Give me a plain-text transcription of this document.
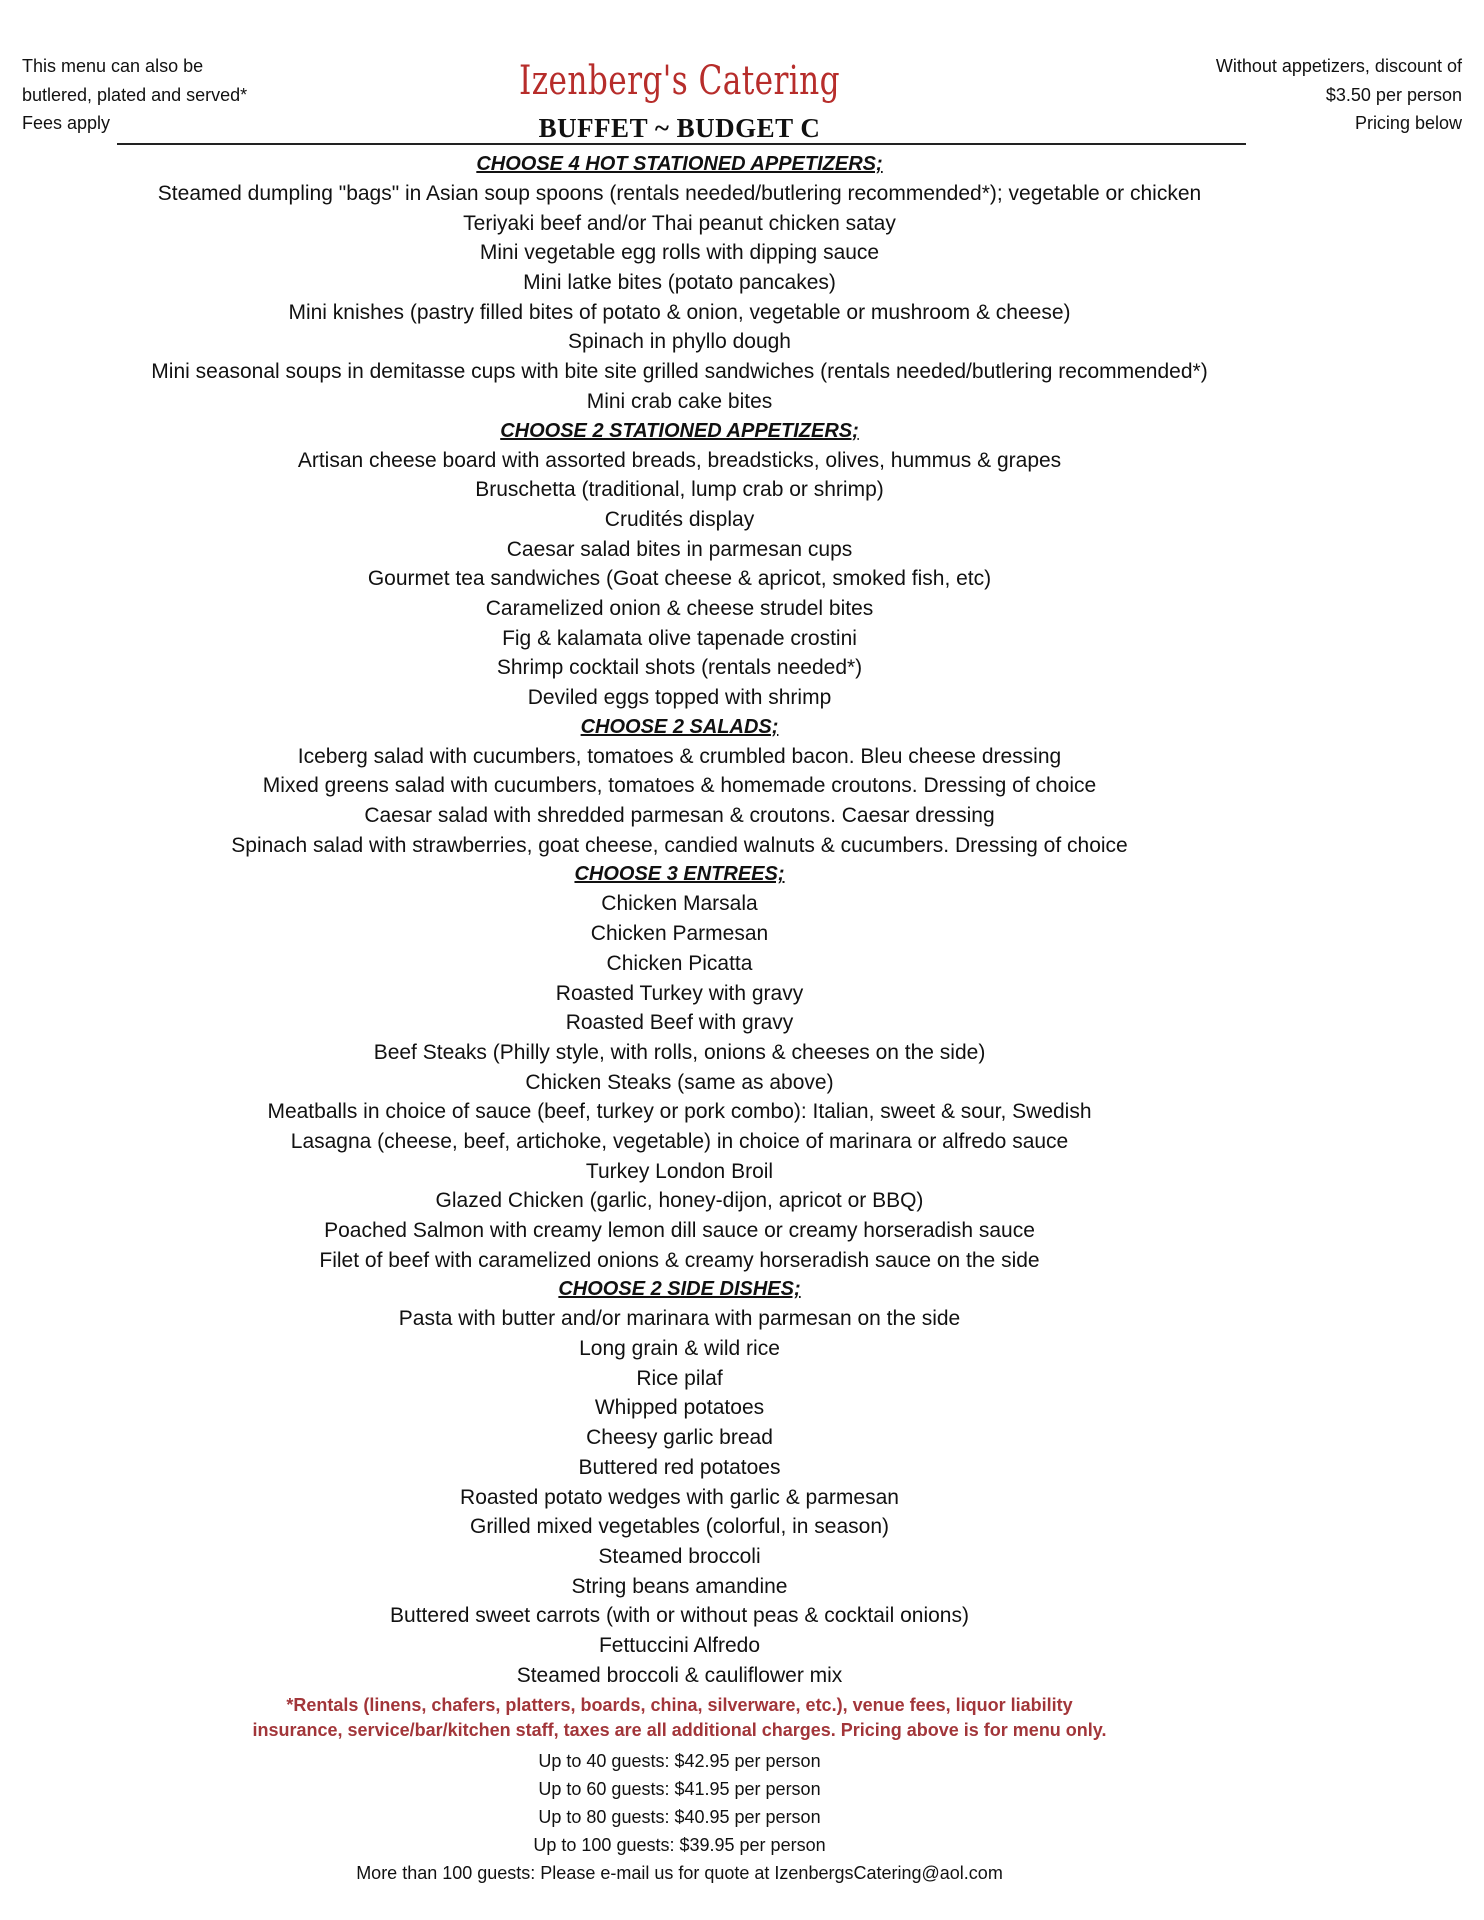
This menu can also be
butlered, plated and served*
Fees apply
Without appetizers, discount of
$3.50 per person
Pricing below
Izenberg's Catering
BUFFET ~ BUDGET C
CHOOSE 4 HOT STATIONED APPETIZERS;
Steamed dumpling "bags" in Asian soup spoons (rentals needed/butlering recommended*); vegetable or chicken
Teriyaki beef and/or Thai peanut chicken satay
Mini vegetable egg rolls with dipping sauce
Mini latke bites (potato pancakes)
Mini knishes (pastry filled bites of potato & onion, vegetable or mushroom & cheese)
Spinach in phyllo dough
Mini seasonal soups in demitasse cups with bite site grilled sandwiches (rentals needed/butlering recommended*)
Mini crab cake bites
CHOOSE 2 STATIONED APPETIZERS;
Artisan cheese board with assorted breads, breadsticks, olives, hummus & grapes
Bruschetta (traditional, lump crab or shrimp)
Crudités display
Caesar salad bites in parmesan cups
Gourmet tea sandwiches (Goat cheese & apricot, smoked fish, etc)
Caramelized onion & cheese strudel bites
Fig & kalamata olive tapenade crostini
Shrimp cocktail shots (rentals needed*)
Deviled eggs topped with shrimp
CHOOSE 2 SALADS;
Iceberg salad with cucumbers, tomatoes & crumbled bacon. Bleu cheese dressing
Mixed greens salad with cucumbers, tomatoes & homemade croutons. Dressing of choice
Caesar salad with shredded parmesan & croutons. Caesar dressing
Spinach salad with strawberries, goat cheese, candied walnuts & cucumbers. Dressing of choice
CHOOSE 3 ENTREES;
Chicken Marsala
Chicken Parmesan
Chicken Picatta
Roasted Turkey with gravy
Roasted Beef with gravy
Beef Steaks (Philly style, with rolls, onions & cheeses on the side)
Chicken Steaks (same as above)
Meatballs in choice of sauce (beef, turkey or pork combo): Italian, sweet & sour, Swedish
Lasagna (cheese, beef, artichoke, vegetable) in choice of marinara or alfredo sauce
Turkey London Broil
Glazed Chicken (garlic, honey-dijon, apricot or BBQ)
Poached Salmon with creamy lemon dill sauce or creamy horseradish sauce
Filet of beef with caramelized onions & creamy horseradish sauce on the side
CHOOSE 2 SIDE DISHES;
Pasta with butter and/or marinara with parmesan on the side
Long grain & wild rice
Rice pilaf
Whipped potatoes
Cheesy garlic bread
Buttered red potatoes
Roasted potato wedges with garlic & parmesan
Grilled mixed vegetables (colorful, in season)
Steamed broccoli
String beans amandine
Buttered sweet carrots (with or without peas & cocktail onions)
Fettuccini Alfredo
Steamed broccoli & cauliflower mix
*Rentals (linens, chafers, platters, boards, china, silverware, etc.), venue fees, liquor liability
insurance, service/bar/kitchen staff, taxes are all additional charges. Pricing above is for menu only.
Up to 40 guests: $42.95 per person
Up to 60 guests: $41.95 per person
Up to 80 guests: $40.95 per person
Up to 100 guests: $39.95 per person
More than 100 guests: Please e-mail us for quote at IzenbergsCatering@aol.com
